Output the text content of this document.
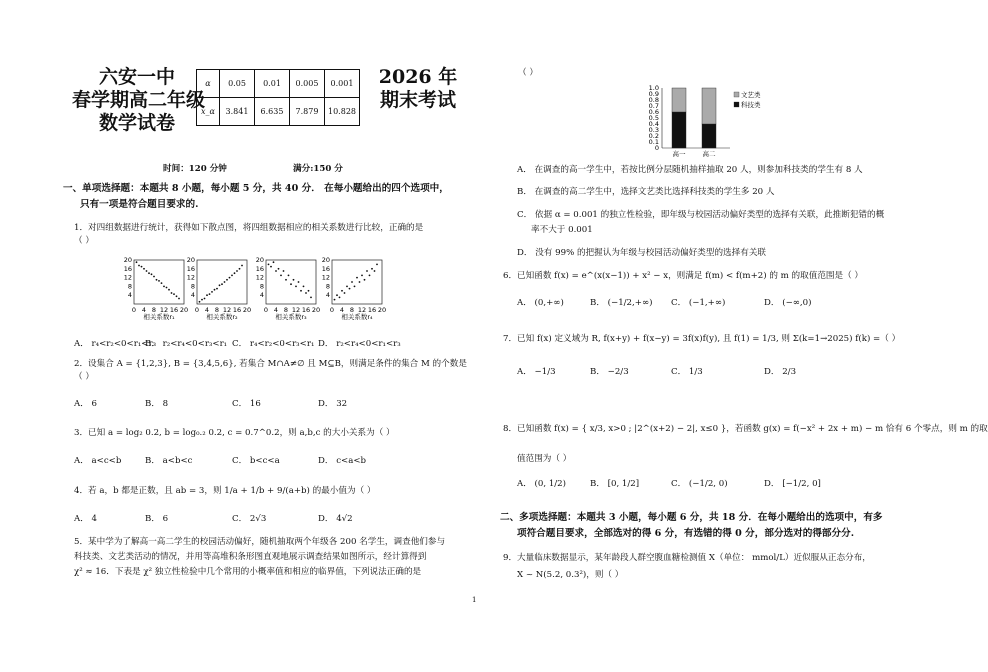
六安一中
春学期高二年级
数学试卷
α	0.05	0.01	0.005	0.001
x_α	3.841	6.635	7.879	10.828
2026 年
期末考试
时间：120 分钟	满分:150 分
一、单项选择题：本题共 8 小题，每小题 5 分，共 40 分． 在每小题给出的四个选项中，
只有一项是符合题目要求的.
1．对四组数据进行统计，获得如下散点图，将四组数据相应的相关系数进行比较，正确的是
（ ）
20
16
12
8
4
0 4 8 12 16 20
相关系数r₁
20
16
12
8
4
0 4 8 12 16 20
相关系数r₂
20
16
12
8
4
0 4 8 12 16 20
相关系数r₃
20
16
12
8
4
0 4 8 12 16 20
相关系数r₄
A． r₄<r₂<0<r₁<r₃
B． r₂<r₄<0<r₃<r₁ C． r₄<r₂<0<r₃<r₁ D． r₂<r₄<0<r₁<r₃
2．设集合 A = {1,2,3}, B = {3,4,5,6}, 若集合 M∩A≠∅ 且 M⊆B，则满足条件的集合 M 的个数是
（ ）
A． 6	B． 8	C． 16	D． 32
3．已知 a = log₂ 0.2, b = log₀.₂ 0.2, c = 0.7^0.2，则 a,b,c 的大小关系为（ ）
A． a<c<b	B． a<b<c	C． b<c<a	D． c<a<b
4．若 a，b 都是正数，且 ab = 3，则 1/a + 1/b + 9/(a+b) 的最小值为（ ）
A． 4	B． 6	C． 2√3	D． 4√2
5．某中学为了解高一高二学生的校园活动偏好，随机抽取两个年级各 200 名学生，调查他们参与
科技类、文艺类活动的情况，并用等高堆积条形图直观地展示调查结果如图所示，经计算得到
χ² ≈ 16．下表是 χ² 独立性检验中几个常用的小概率值和相应的临界值，下列说法正确的是
（ ）
1.0
0.9
0.8
0.7
0.6
0.5
0.4
0.3
0.2
0.1
0
高一	高二
文艺类
科技类
A． 在调查的高一学生中，若按比例分层随机抽样抽取 20 人，则参加科技类的学生有 8 人
B． 在调查的高二学生中，选择文艺类比选择科技类的学生多 20 人
C． 依据 α = 0.001 的独立性检验，即年级与校园活动偏好类型的选择有关联，此推断犯错的概
率不大于 0.001
D． 没有 99% 的把握认为年级与校园活动偏好类型的选择有关联
6．已知函数 f(x) = e^(x(x−1)) + x² − x，则满足 f(m) < f(m+2) 的 m 的取值范围是（ ）
A． (0,+∞)	B． (−1/2,+∞) C． (−1,+∞)	D． (−∞,0)
7．已知 f(x) 定义域为 R, f(x+y) + f(x−y) = 3f(x)f(y), 且 f(1) = 1/3, 则 Σ(k=1→2025) f(k) =（ ）
A． −1/3	B． −2/3	C． 1/3	D． 2/3
8．已知函数 f(x) = { x/3, x>0 ; |2^(x+2) − 2|, x≤0 }，若函数 g(x) = f(−x² + 2x + m) − m 恰有 6 个零点，则 m 的取
值范围为（ ）
A． (0, 1/2)	B． [0, 1/2]	C． (−1/2, 0)	D． [−1/2, 0]
二、多项选择题：本题共 3 小题，每小题 6 分，共 18 分．在每小题给出的选项中，有多
项符合题目要求，全部选对的得 6 分，有选错的得 0 分，部分选对的得部分分.
9．大量临床数据显示，某年龄段人群空腹血糖检测值 X（单位： mmol/L）近似服从正态分布，
X ~ N(5.2, 0.3²)，则（ ）
1
